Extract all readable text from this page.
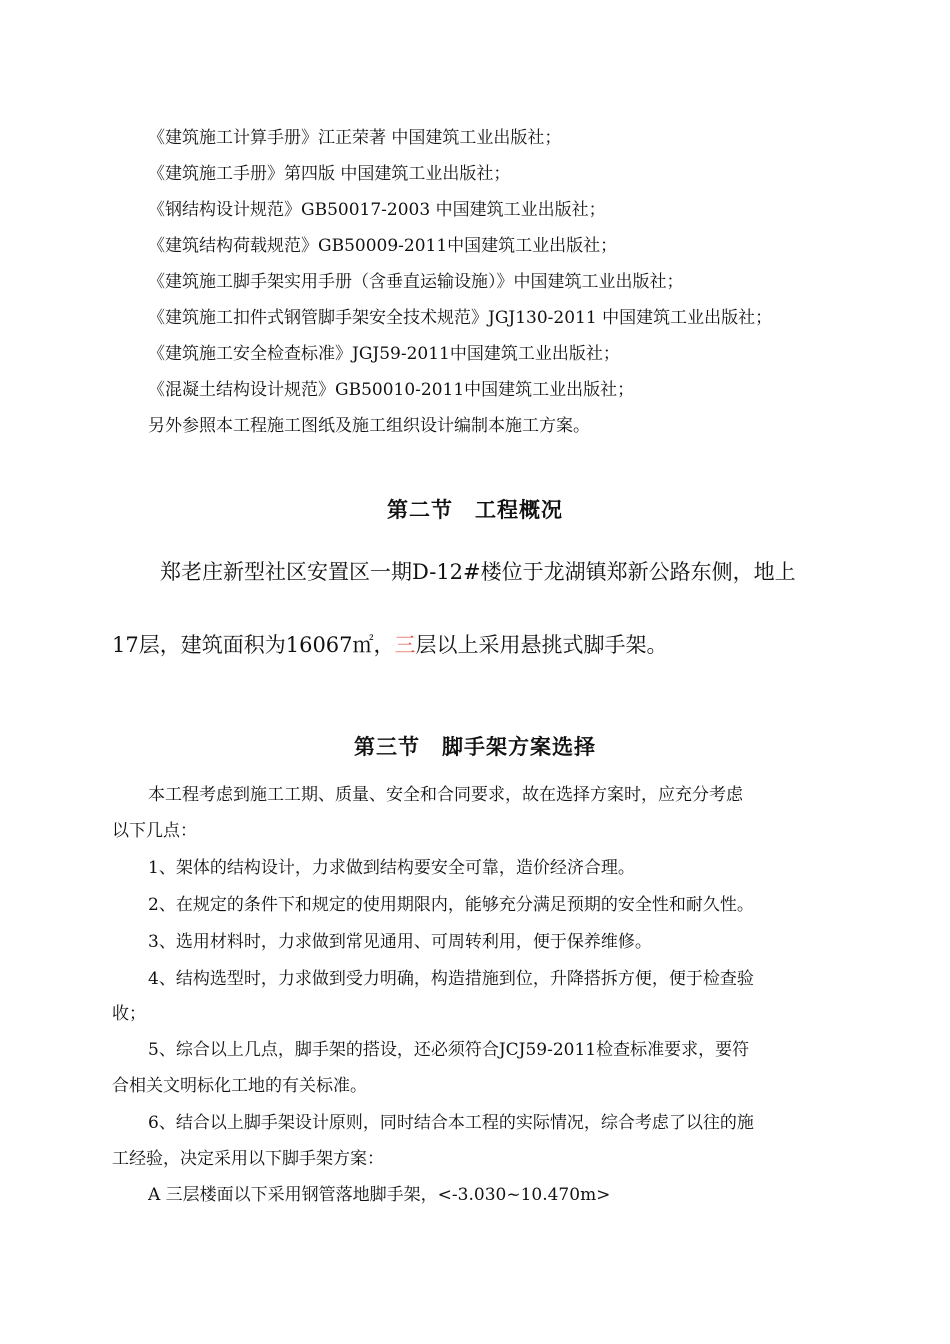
《建筑施工计算手册》江正荣著 中国建筑工业出版社；
《建筑施工手册》第四版 中国建筑工业出版社；
《钢结构设计规范》GB50017-2003 中国建筑工业出版社；
《建筑结构荷载规范》GB50009-2011中国建筑工业出版社；
《建筑施工脚手架实用手册（含垂直运输设施）》中国建筑工业出版社；
《建筑施工扣件式钢管脚手架安全技术规范》JGJ130-2011 中国建筑工业出版社；
《建筑施工安全检查标准》JGJ59-2011中国建筑工业出版社；
《混凝土结构设计规范》GB50010-2011中国建筑工业出版社；
另外参照本工程施工图纸及施工组织设计编制本施工方案。
第二节　工程概况
郑老庄新型社区安置区一期D-12#楼位于龙湖镇郑新公路东侧，地上
17层，建筑面积为16067㎡，三层以上采用悬挑式脚手架。
第三节　脚手架方案选择
本工程考虑到施工工期、质量、安全和合同要求，故在选择方案时，应充分考虑
以下几点：
1、架体的结构设计，力求做到结构要安全可靠，造价经济合理。
2、在规定的条件下和规定的使用期限内，能够充分满足预期的安全性和耐久性。
3、选用材料时，力求做到常见通用、可周转利用，便于保养维修。
4、结构选型时，力求做到受力明确，构造措施到位，升降搭拆方便，便于检查验
收；
5、综合以上几点，脚手架的搭设，还必须符合JCJ59-2011检查标准要求，要符
合相关文明标化工地的有关标准。
6、结合以上脚手架设计原则，同时结合本工程的实际情况，综合考虑了以往的施
工经验，决定采用以下脚手架方案：
A 三层楼面以下采用钢管落地脚手架，<-3.030~10.470m>
